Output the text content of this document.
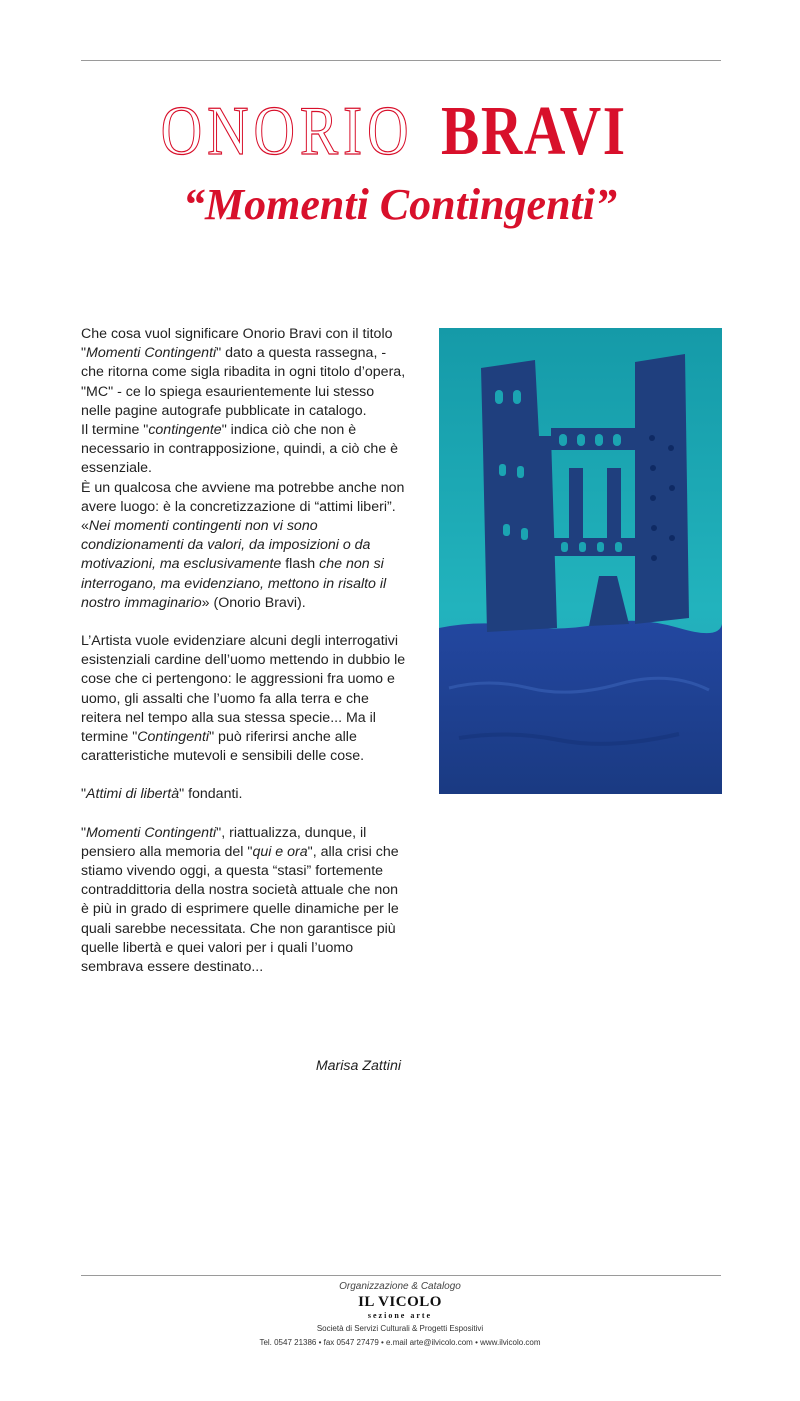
ONORIO BRAVI
“Momenti Contingenti”

Che cosa vuol significare Onorio Bravi con il titolo "Momenti Contingenti" dato a questa rassegna, - che ritorna come sigla ribadita in ogni titolo d’opera, "MC" - ce lo spiega esaurientemente lui stesso nelle pagine autografe pubblicate in catalogo.

Il termine "contingente" indica ciò che non è necessario in contrapposizione, quindi, a ciò che è essenziale.

È un qualcosa che avviene ma potrebbe anche non avere luogo: è la concretizzazione di “attimi liberi”.

«Nei momenti contingenti non vi sono condizionamenti da valori, da imposizioni o da motivazioni, ma esclusivamente flash che non si interrogano, ma evidenziano, mettono in risalto il nostro immaginario» (Onorio Bravi).

L’Artista vuole evidenziare alcuni degli interrogativi esistenziali cardine dell’uomo mettendo in dubbio le cose che ci pertengono: le aggressioni fra uomo e uomo, gli assalti che l’uomo fa alla terra e che reitera nel tempo alla sua stessa specie... Ma il termine "Contingenti" può riferirsi anche alle caratteristiche mutevoli e sensibili delle cose.

"Attimi di libertà" fondanti.

"Momenti Contingenti", riattualizza, dunque, il pensiero alla memoria del "qui e ora", alla crisi che stiamo vivendo oggi, a questa “stasi” fortemente contraddittoria della nostra società attuale che non è più in grado di esprimere quelle dinamiche per le quali sarebbe necessitata. Che non garantisce più quelle libertà e quei valori per i quali l’uomo sembrava essere destinato...

Marisa Zattini
Organizzazione & Catalogo
IL VICOLO
sezione arte
Società di Servizi Culturali & Progetti Espositivi
Tel. 0547 21386 • fax 0547 27479 • e.mail arte@ilvicolo.com • www.ilvicolo.com
